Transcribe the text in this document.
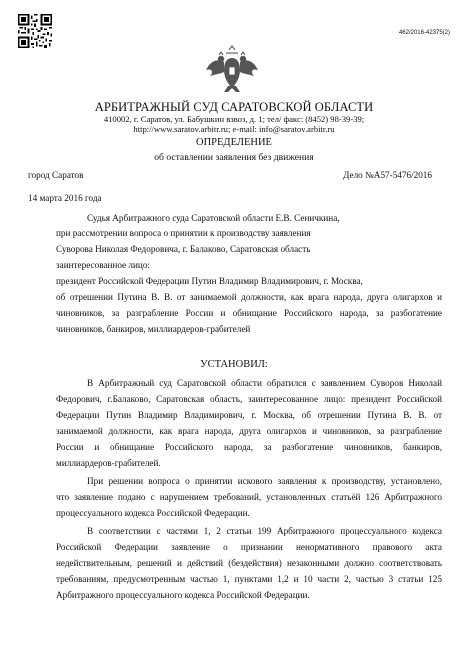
462/2016-42375(2)
АРБИТРАЖНЫЙ СУД САРАТОВСКОЙ ОБЛАСТИ
410002, г. Саратов, ул. Бабушкин взвоз, д. 1; тел/ факс: (8452) 98-39-39;
http://www.saratov.arbitr.ru; e-mail: info@saratov.arbitr.ru
ОПРЕДЕЛЕНИЕ
об оставлении заявления без движения
город Саратов	Дело №А57-5476/2016
14 марта 2016 года
Судья Арбитражного суда Саратовской области Е.В. Сеничкина,
при рассмотрении вопроса о принятии к производству заявления
Суворова Николая Федоровича, г. Балаково, Саратовская область
заинтересованное лицо:
президент Российской Федерации Путин Владимир Владимирович, г. Москва,
об отрешении Путина В. В. от занимаемой должности, как врага народа, друга олигархов и
чиновников, за разграбление России и обнищание Российского народа, за разбогатение
чиновников, банкиров, миллиардеров-грабителей
УСТАНОВИЛ:
В Арбитражный суд Саратовской области обратился с заявлением Суворов Николай
Федорович, г.Балаково, Саратовская область, заинтересованное лицо: президент Российской
Федерации Путин Владимир Владимирович, г. Москва, об отрешении Путина В. В. от
занимаемой должности, как врага народа, друга олигархов и чиновников, за разграбление
России и обнищание Российского народа, за разбогатение чиновников, банкиров,
миллиардеров-грабителей.
При решении вопроса о принятии искового заявления к производству, установлено,
что заявление подано с нарушением требований, установленных статьёй 126 Арбитражного
процессуального кодекса Российской Федерации.
В соответствии с частями 1, 2 статьи 199 Арбитражного процессуального кодекса
Российской Федерации заявление о признании ненормативного правового акта
недействительным, решений и действий (бездействия) незаконными должно соответствовать
требованиям, предусмотренным частью 1, пунктами 1,2 и 10 части 2, частью 3 статьи 125
Арбитражного процессуального кодекса Российской Федерации.
